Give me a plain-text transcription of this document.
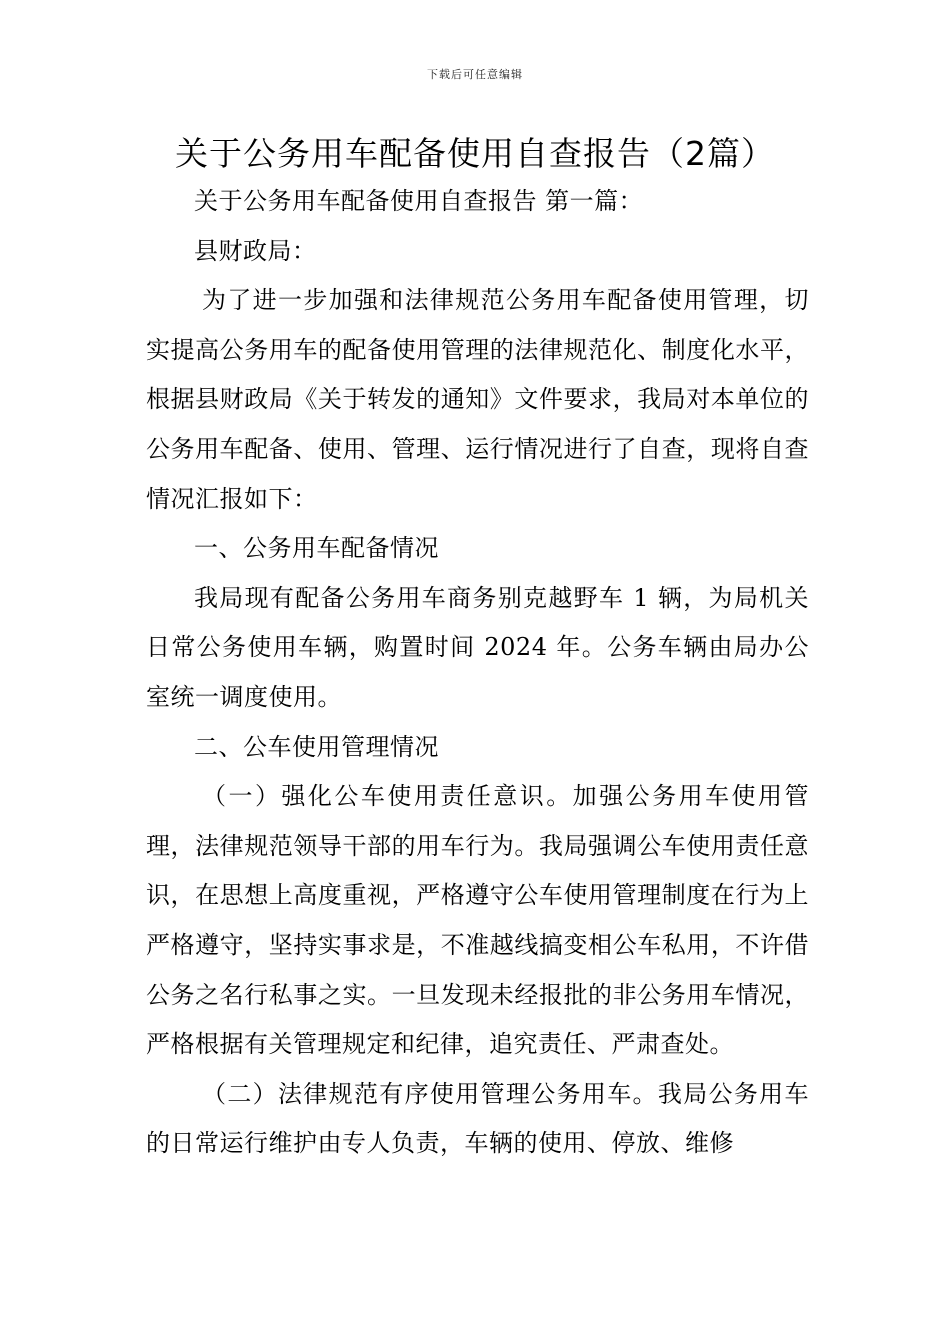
下载后可任意编辑
关于公务用车配备使用自查报告（2篇）

关于公务用车配备使用自查报告 第一篇：

县财政局：

为了进一步加强和法律规范公务用车配备使用管理，切实提高公务用车的配备使用管理的法律规范化、制度化水平，根据县财政局《关于转发的通知》文件要求，我局对本单位的公务用车配备、使用、管理、运行情况进行了自查，现将自查情况汇报如下：

一、公务用车配备情况

我局现有配备公务用车商务别克越野车 1 辆，为局机关日常公务使用车辆，购置时间 2024 年。公务车辆由局办公室统一调度使用。

二、公车使用管理情况

（一）强化公车使用责任意识。加强公务用车使用管理，法律规范领导干部的用车行为。我局强调公车使用责任意识，在思想上高度重视，严格遵守公车使用管理制度在行为上严格遵守，坚持实事求是，不准越线搞变相公车私用，不许借公务之名行私事之实。一旦发现未经报批的非公务用车情况，严格根据有关管理规定和纪律，追究责任、严肃查处。

（二）法律规范有序使用管理公务用车。我局公务用车的日常运行维护由专人负责，车辆的使用、停放、维修
